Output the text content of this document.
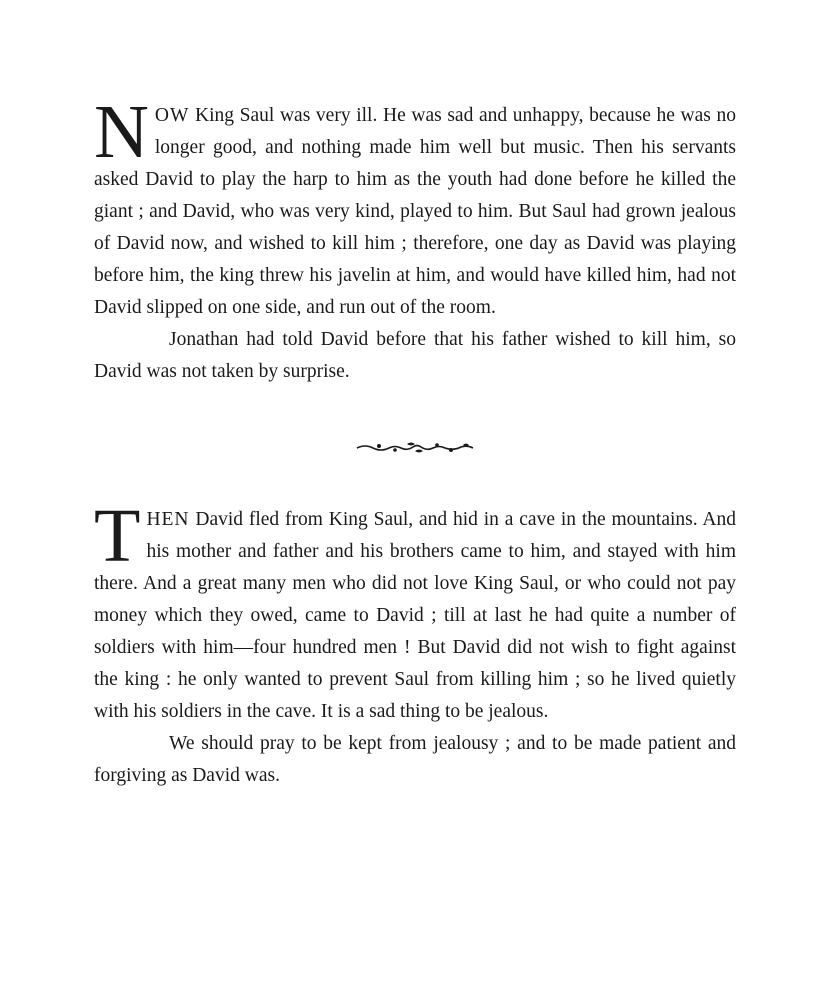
NOW King Saul was very ill. He was sad and unhappy, because he was no longer good, and nothing made him well but music. Then his servants asked David to play the harp to him as the youth had done before he killed the giant ; and David, who was very kind, played to him. But Saul had grown jealous of David now, and wished to kill him ; therefore, one day as David was playing before him, the king threw his javelin at him, and would have killed him, had not David slipped on one side, and run out of the room.

Jonathan had told David before that his father wished to kill him, so David was not taken by surprise.

THEN David fled from King Saul, and hid in a cave in the mountains. And his mother and father and his brothers came to him, and stayed with him there. And a great many men who did not love King Saul, or who could not pay money which they owed, came to David ; till at last he had quite a number of soldiers with him—four hundred men ! But David did not wish to fight against the king : he only wanted to prevent Saul from killing him ; so he lived quietly with his soldiers in the cave. It is a sad thing to be jealous.

We should pray to be kept from jealousy ; and to be made patient and forgiving as David was.
